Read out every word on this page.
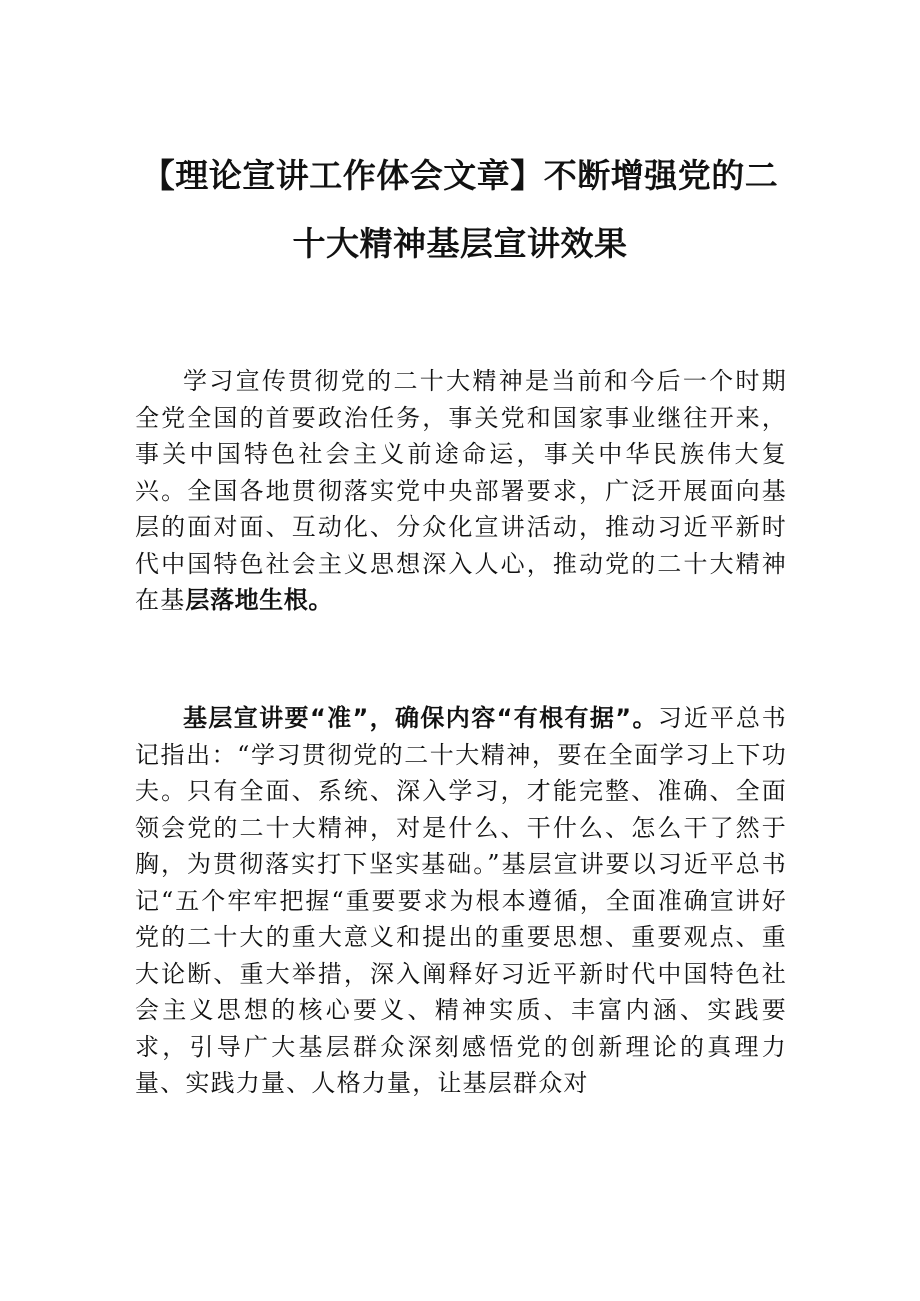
【理论宣讲工作体会文章】不断增强党的二
十大精神基层宣讲效果

学习宣传贯彻党的二十大精神是当前和今后一个时期全党全国的首要政治任务，事关党和国家事业继往开来，事关中国特色社会主义前途命运，事关中华民族伟大复兴。全国各地贯彻落实党中央部署要求，广泛开展面向基层的面对面、互动化、分众化宣讲活动，推动习近平新时代中国特色社会主义思想深入人心，推动党的二十大精神在基层落地生根。

基层宣讲要“准”，确保内容“有根有据”。习近平总书记指出：“学习贯彻党的二十大精神，要在全面学习上下功夫。只有全面、系统、深入学习，才能完整、准确、全面领会党的二十大精神，对是什么、干什么、怎么干了然于胸，为贯彻落实打下坚实基础。”基层宣讲要以习近平总书记“五个牢牢把握“重要要求为根本遵循，全面准确宣讲好党的二十大的重大意义和提出的重要思想、重要观点、重大论断、重大举措，深入阐释好习近平新时代中国特色社会主义思想的核心要义、精神实质、丰富内涵、实践要求，引导广大基层群众深刻感悟党的创新理论的真理力量、实践力量、人格力量，让基层群众对
